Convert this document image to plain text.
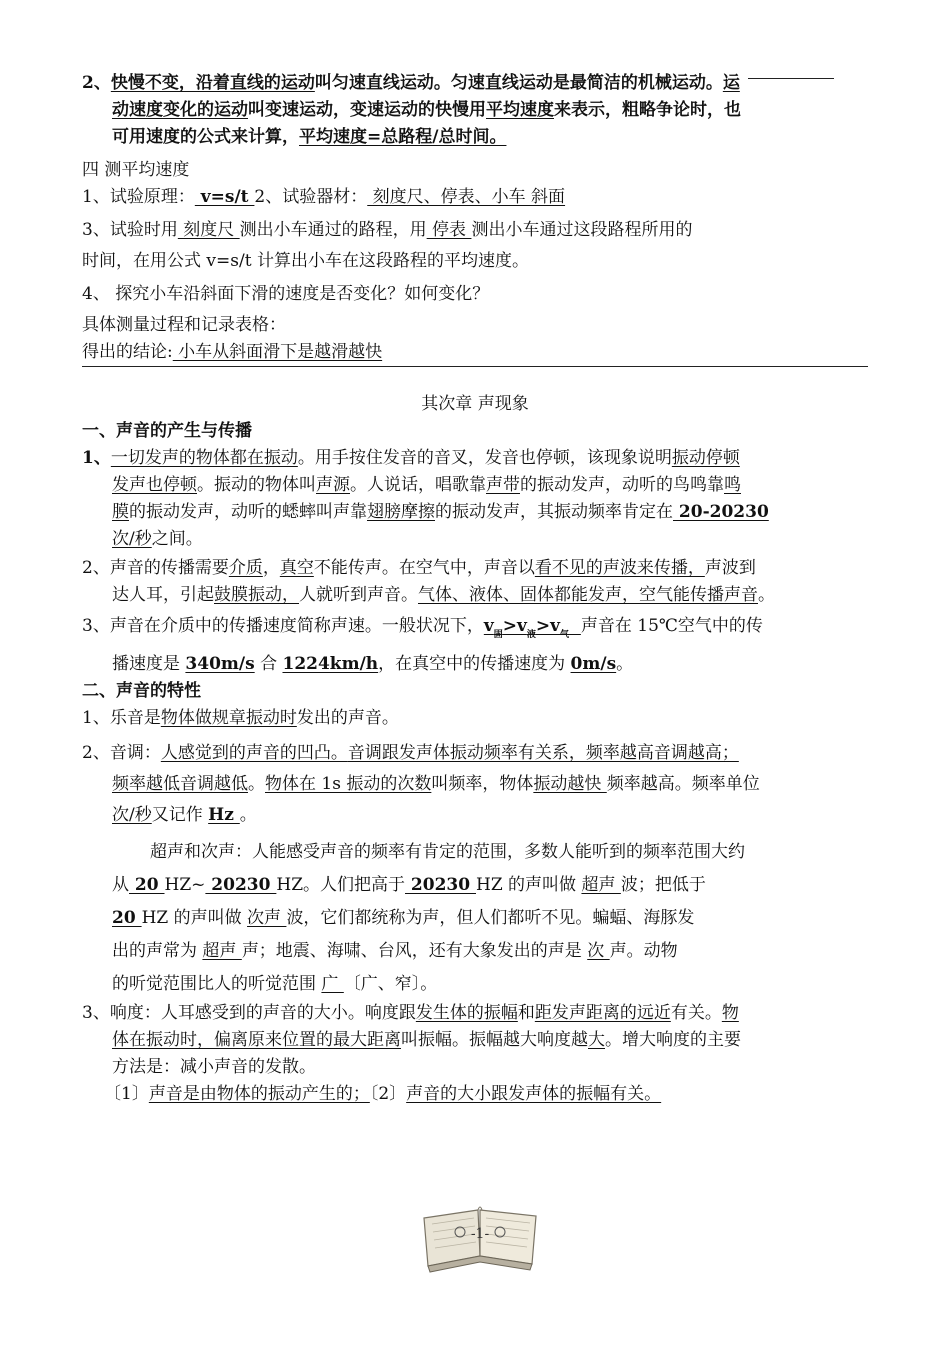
2、快慢不变，沿着直线的运动叫匀速直线运动。匀速直线运动是最简洁的机械运动。运
动速度变化的运动叫变速运动，变速运动的快慢用平均速度来表示，粗略争论时，也
可用速度的公式来计算，平均速度=总路程/总时间。
四 测平均速度
1、试验原理： v=s/t 2、试验器材： 刻度尺、停表、小车 斜面
3、试验时用 刻度尺 测出小车通过的路程，用 停表 测出小车通过这段路程所用的
时间，在用公式 v=s/t 计算出小车在这段路程的平均速度。
4、 探究小车沿斜面下滑的速度是否变化？如何变化？
具体测量过程和记录表格：
得出的结论: 小车从斜面滑下是越滑越快
其次章 声现象
一、声音的产生与传播
1、一切发声的物体都在振动。用手按住发音的音叉，发音也停顿，该现象说明振动停顿
发声也停顿。振动的物体叫声源。人说话，唱歌靠声带的振动发声，动听的鸟鸣靠鸣
膜的振动发声，动听的蟋蟀叫声靠翅膀摩擦的振动发声，其振动频率肯定在 20-20230
次/秒之间。
2、声音的传播需要介质，真空不能传声。在空气中，声音以看不见的声波来传播，声波到
达人耳，引起鼓膜振动，人就听到声音。气体、液体、固体都能发声，空气能传播声音。
3、声音在介质中的传播速度简称声速。一般状况下，$v_固>v_液>v_气$ 声音在 15℃空气中的传
播速度是 340m/s 合 1224km/h，在真空中的传播速度为 0m/s。
二、声音的特性
1、乐音是物体做规章振动时发出的声音。
2、音调：人感觉到的声音的凹凸。音调跟发声体振动频率有关系，频率越高音调越高；
频率越低音调越低。物体在 1s 振动的次数叫频率，物体振动越快 频率越高。频率单位
次/秒又记作 Hz 。
超声和次声：人能感受声音的频率有肯定的范围，多数人能听到的频率范围大约
从 20 HZ~ 20230 HZ。人们把高于 20230 HZ 的声叫做 超声 波；把低于
20 HZ 的声叫做 次声 波，它们都统称为声，但人们都听不见。蝙蝠、海豚发
出的声常为 超声 声；地震、海啸、台风，还有大象发出的声是 次 声。动物
的听觉范围比人的听觉范围 广 〔广、窄〕。
3、响度：人耳感受到的声音的大小。响度跟发生体的振幅和距发声距离的远近有关。物
体在振动时，偏离原来位置的最大距离叫振幅。振幅越大响度越大。增大响度的主要
方法是：减小声音的发散。
〔1〕声音是由物体的振动产生的；〔2〕声音的大小跟发声体的振幅有关。
-1-
